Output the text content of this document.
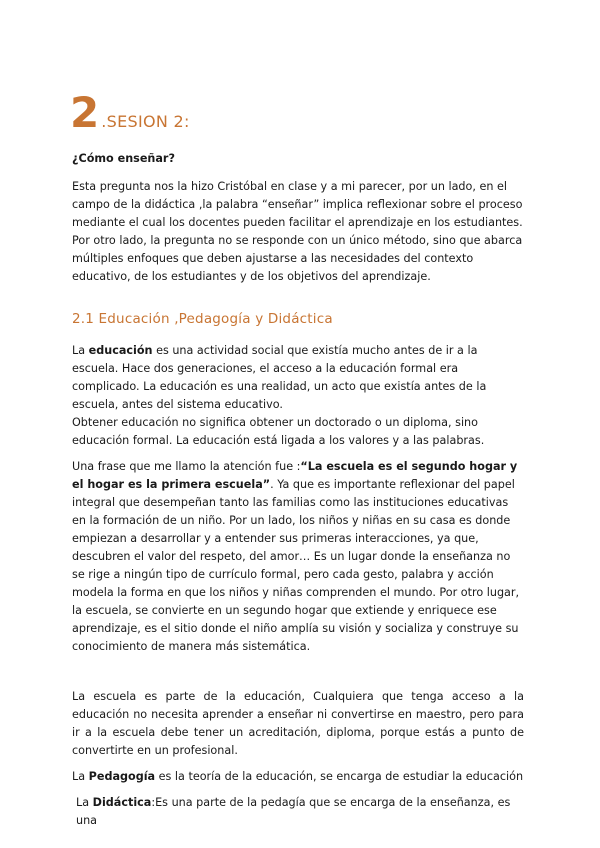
2 .SESION 2:

¿Cómo enseñar?

Esta pregunta nos la hizo Cristóbal en clase y a mi parecer, por un lado, en el campo de la didáctica ,la palabra “enseñar” implica reflexionar sobre el proceso mediante el cual los docentes pueden facilitar el aprendizaje en los estudiantes. Por otro lado, la pregunta no se responde con un único método, sino que abarca múltiples enfoques que deben ajustarse a las necesidades del contexto educativo, de los estudiantes y de los objetivos del aprendizaje.

2.1 Educación ,Pedagogía y Didáctica

La educación es una actividad social que existía mucho antes de ir a la escuela. Hace dos generaciones, el acceso a la educación formal era complicado. La educación es una realidad, un acto que existía antes de la escuela, antes del sistema educativo.
Obtener educación no significa obtener un doctorado o un diploma, sino educación formal. La educación está ligada a los valores y a las palabras.

Una frase que me llamo la atención fue :“La escuela es el segundo hogar y el hogar es la primera escuela”. Ya que es importante reflexionar del papel integral que desempeñan tanto las familias como las instituciones educativas en la formación de un niño. Por un lado, los niños y niñas en su casa es donde empiezan a desarrollar y a entender sus primeras interacciones, ya que, descubren el valor del respeto, del amor… Es un lugar donde la enseñanza no se rige a ningún tipo de currículo formal, pero cada gesto, palabra y acción modela la forma en que los niños y niñas comprenden el mundo. Por otro lugar, la escuela, se convierte en un segundo hogar que extiende y enriquece ese aprendizaje, es el sitio donde el niño amplía su visión y socializa y construye su conocimiento de manera más sistemática.

La escuela es parte de la educación, Cualquiera que tenga acceso a la educación no necesita aprender a enseñar ni convertirse en maestro, pero para ir a la escuela debe tener un acreditación, diploma, porque estás a punto de convertirte en un profesional.

La Pedagogía es la teoría de la educación, se encarga de estudiar la educación

La Didáctica:Es una parte de la pedagía que se encarga de la enseñanza, es una
